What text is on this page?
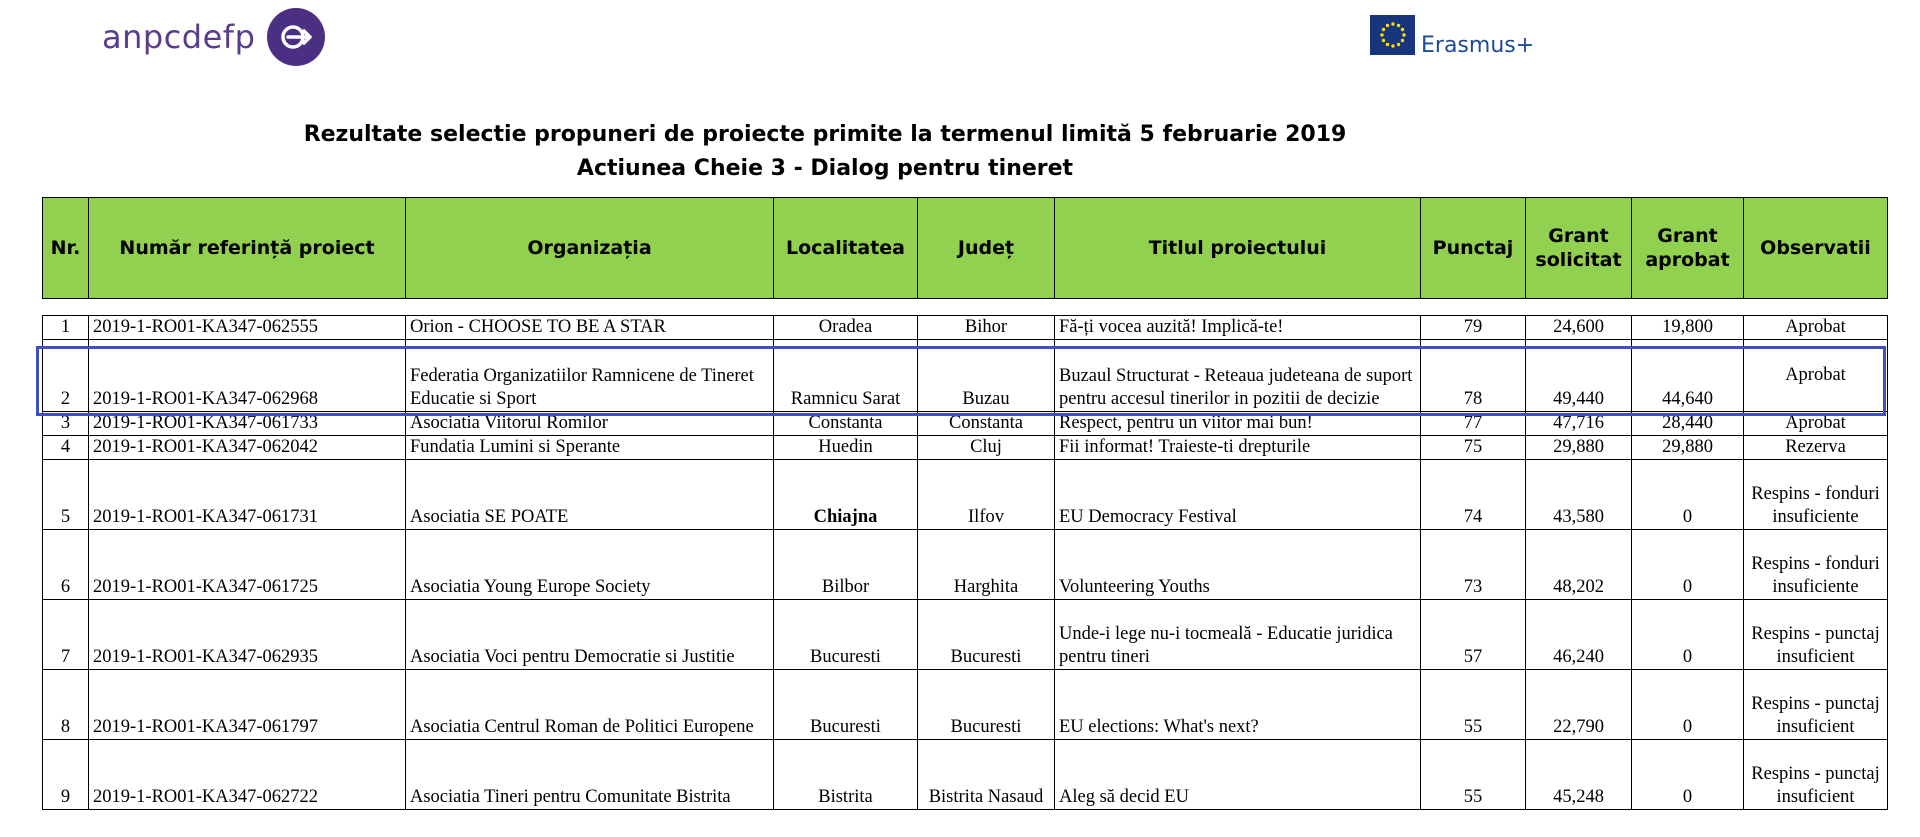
anpcdefp	Erasmus+
Rezultate selectie propuneri de proiecte primite la termenul limită 5 februarie 2019
Actiunea Cheie 3 - Dialog pentru tineret
Nr.	Număr referință proiect	Organizația	Localitatea	Județ	Titlul proiectului	Punctaj	Grant solicitat	Grant aprobat	Observatii

1	2019-1-RO01-KA347-062555	Orion - CHOOSE TO BE A STAR	Oradea	Bihor	Fă-ți vocea auzită! Implică-te!	79	24,600	19,800	Aprobat
2	2019-1-RO01-KA347-062968	Federatia Organizatiilor Ramnicene de Tineret Educatie si Sport	Ramnicu Sarat	Buzau	Buzaul Structurat - Reteaua judeteana de suport pentru accesul tinerilor in pozitii de decizie	78	49,440	44,640	Aprobat
3	2019-1-RO01-KA347-061733	Asociatia Viitorul Romilor	Constanta	Constanta	Respect, pentru un viitor mai bun!	77	47,716	28,440	Aprobat
4	2019-1-RO01-KA347-062042	Fundatia Lumini si Sperante	Huedin	Cluj	Fii informat! Traieste-ti drepturile	75	29,880	29,880	Rezerva
5	2019-1-RO01-KA347-061731	Asociatia SE POATE	Chiajna	Ilfov	EU Democracy Festival	74	43,580	0	Respins - fonduri insuficiente
6	2019-1-RO01-KA347-061725	Asociatia Young Europe Society	Bilbor	Harghita	Volunteering Youths	73	48,202	0	Respins - fonduri insuficiente
7	2019-1-RO01-KA347-062935	Asociatia Voci pentru Democratie si Justitie	Bucuresti	Bucuresti	Unde-i lege nu-i tocmeală - Educatie juridica pentru tineri	57	46,240	0	Respins - punctaj insuficient
8	2019-1-RO01-KA347-061797	Asociatia Centrul Roman de Politici Europene	Bucuresti	Bucuresti	EU elections: What's next?	55	22,790	0	Respins - punctaj insuficient
9	2019-1-RO01-KA347-062722	Asociatia Tineri pentru Comunitate Bistrita	Bistrita	Bistrita Nasaud	Aleg să decid EU	55	45,248	0	Respins - punctaj insuficient
